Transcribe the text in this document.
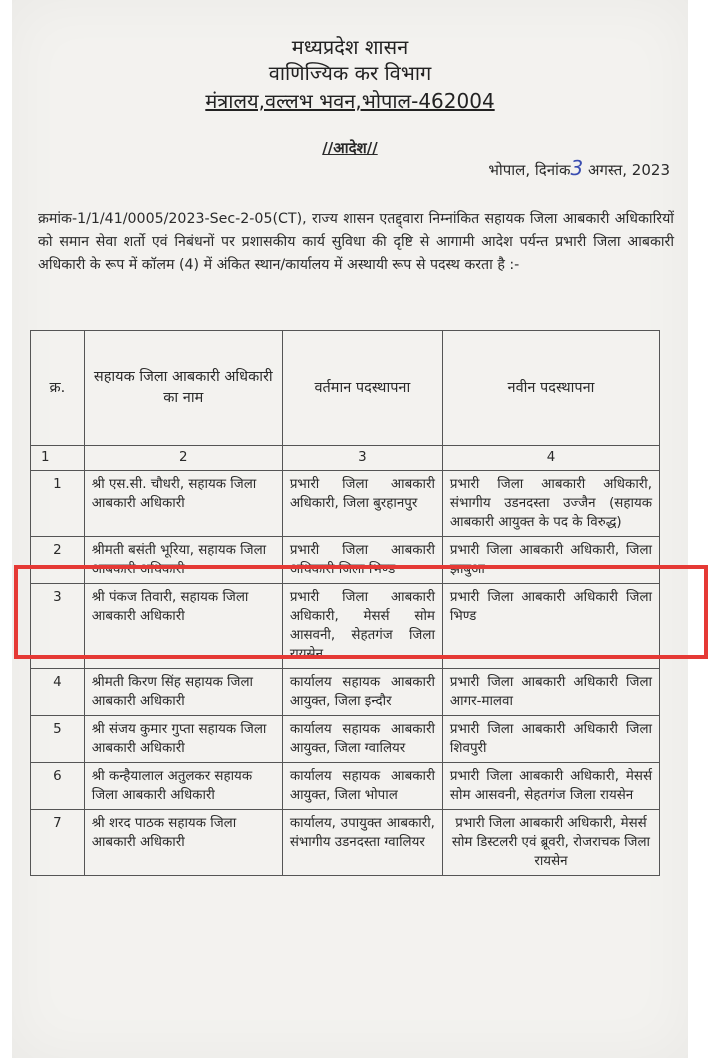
मध्यप्रदेश शासन
वाणिज्यिक कर विभाग
मंत्रालय,वल्लभ भवन,भोपाल-462004
//आदेश//
भोपाल, दिनांक3 अगस्त, 2023
क्रमांक-1/1/41/0005/2023-Sec-2-05(CT), राज्य शासन एतद्द्वारा निम्नांकित सहायक जिला आबकारी अधिकारियों को समान सेवा शर्तो एवं निबंधनों पर प्रशासकीय कार्य सुविधा की दृष्टि से आगामी आदेश पर्यन्त प्रभारी जिला आबकारी अधिकारी के रूप में कॉलम (4) में अंकित स्थान/कार्यालय में अस्थायी रूप से पदस्थ करता है :-
क्र.	सहायक जिला आबकारी अधिकारी का नाम	वर्तमान पदस्थापना	नवीन पदस्थापना
1	2	3	4
1	श्री एस.सी. चौधरी, सहायक जिला आबकारी अधिकारी	प्रभारी जिला आबकारी अधिकारी, जिला बुरहानपुर	प्रभारी जिला आबकारी अधिकारी, संभागीय उडनदस्ता उज्जैन (सहायक आबकारी आयुक्त के पद के विरुद्ध)
2	श्रीमती बसंती भूरिया, सहायक जिला आबकारी अधिकारी	प्रभारी जिला आबकारी अधिकारी जिला भिण्ड	प्रभारी जिला आबकारी अधिकारी, जिला झाबुआ
3	श्री पंकज तिवारी, सहायक जिला आबकारी अधिकारी	प्रभारी जिला आबकारी अधिकारी, मेसर्स सोम आसवनी, सेहतगंज जिला रायसेन	प्रभारी जिला आबकारी अधिकारी जिला भिण्ड
4	श्रीमती किरण सिंह सहायक जिला आबकारी अधिकारी	कार्यालय सहायक आबकारी आयुक्त, जिला इन्दौर	प्रभारी जिला आबकारी अधिकारी जिला आगर-मालवा
5	श्री संजय कुमार गुप्ता सहायक जिला आबकारी अधिकारी	कार्यालय सहायक आबकारी आयुक्त, जिला ग्वालियर	प्रभारी जिला आबकारी अधिकारी जिला शिवपुरी
6	श्री कन्हैयालाल अतुलकर सहायक जिला आबकारी अधिकारी	कार्यालय सहायक आबकारी आयुक्त, जिला भोपाल	प्रभारी जिला आबकारी अधिकारी, मेसर्स सोम आसवनी, सेहतगंज जिला रायसेन
7	श्री शरद पाठक सहायक जिला आबकारी अधिकारी	कार्यालय, उपायुक्त आबकारी, संभागीय उडनदस्ता ग्वालियर	प्रभारी जिला आबकारी अधिकारी, मेसर्स सोम डिस्टलरी एवं ब्रूवरी, रोजराचक जिला रायसेन
